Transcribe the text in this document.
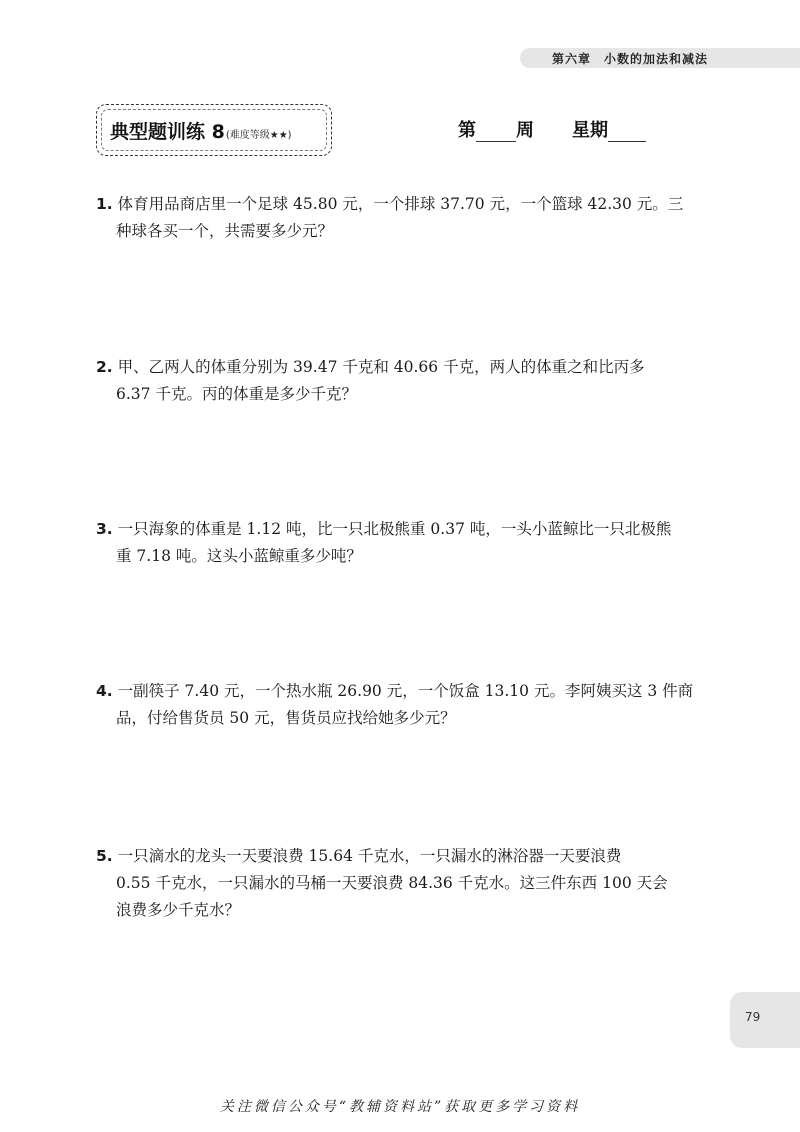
第六章　小数的加法和减法
典型题训练 8 (难度等级★★)	第 周 星期
1. 体育用品商店里一个足球 45.80 元，一个排球 37.70 元，一个篮球 42.30 元。三
种球各买一个，共需要多少元？
2. 甲、乙两人的体重分别为 39.47 千克和 40.66 千克，两人的体重之和比丙多
6.37 千克。丙的体重是多少千克？
3. 一只海象的体重是 1.12 吨，比一只北极熊重 0.37 吨，一头小蓝鲸比一只北极熊
重 7.18 吨。这头小蓝鲸重多少吨？
4. 一副筷子 7.40 元，一个热水瓶 26.90 元，一个饭盒 13.10 元。李阿姨买这 3 件商
品，付给售货员 50 元，售货员应找给她多少元？
5. 一只滴水的龙头一天要浪费 15.64 千克水，一只漏水的淋浴器一天要浪费
0.55 千克水，一只漏水的马桶一天要浪费 84.36 千克水。这三件东西 100 天会
浪费多少千克水？
79
关注微信公众号“教辅资料站”获取更多学习资料
